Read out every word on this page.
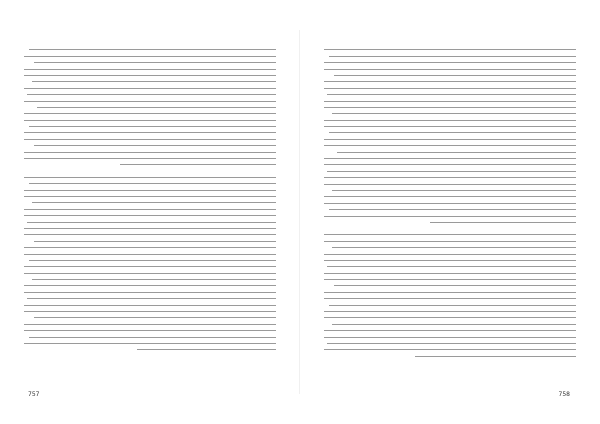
757	758
